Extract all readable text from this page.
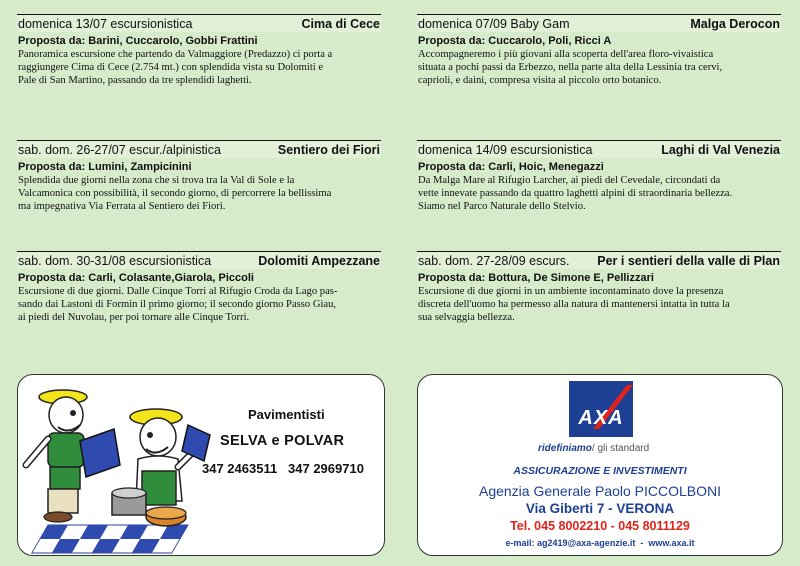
domenica 13/07 escursionistica	Cima di Cece
Proposta da: Barini, Cuccarolo, Gobbi Frattini
Panoramica escursione che partendo da Valmaggiore (Predazzo) ci porta a
raggiungere Cima di Cece (2.754 mt.) con splendida vista su Dolomiti e
Pale di San Martino, passando da tre splendidi laghetti.
domenica 07/09 Baby Gam	Malga Derocon
Proposta da: Cuccarolo, Poli, Ricci A
Accompagneremo i più giovani alla scoperta dell'area floro-vivaistica
situata a pochi passi da Erbezzo, nella parte alta della Lessinia tra cervi,
caprioli, e daini, compresa visita al piccolo orto botanico.
sab. dom. 26-27/07 escur./alpinistica	Sentiero dei Fiori
Proposta da: Lumini, Zampicinini
Splendida due giorni nella zona che si trova tra la Val di Sole e la
Valcamonica con possibilità, il secondo giorno, di percorrere la bellissima
ma impegnativa Via Ferrata al Sentiero dei Fiori.
domenica 14/09 escursionistica	Laghi di Val Venezia
Proposta da: Carli, Hoic, Menegazzi
Da Malga Mare al Rifugio Larcher, ai piedi del Cevedale, circondati da
vette innevate passando da quattro laghetti alpini di straordinaria bellezza.
Siamo nel Parco Naturale dello Stelvio.
sab. dom. 30-31/08 escursionistica	Dolomiti Ampezzane
Proposta da: Carli, Colasante,Giarola, Piccoli
Escursione di due giorni. Dalle Cinque Torri al Rifugio Croda da Lago pas-
sando dai Lastoni di Formin il primo giorno; il secondo giorno Passo Giau,
ai piedi del Nuvolau, per poi tornare alle Cinque Torri.
sab. dom. 27-28/09 escurs. Per i sentieri della valle di Plan
Proposta da: Bottura, De Simone E, Pellizzari
Escursione di due giorni in un ambiente incontaminato dove la presenza
discreta dell'uomo ha permesso alla natura di mantenersi intatta in tutta la
sua selvaggia bellezza.
Pavimentisti
SELVA e POLVAR
347 2463511   347 2969710
AXA
ridefiniamo/ gli standard
ASSICURAZIONE E INVESTIMENTI
Agenzia Generale Paolo PICCOLBONI
Via Giberti 7 - VERONA
Tel. 045 8002210 - 045 8011129
e-mail: ag2419@axa-agenzie.it  -  www.axa.it
